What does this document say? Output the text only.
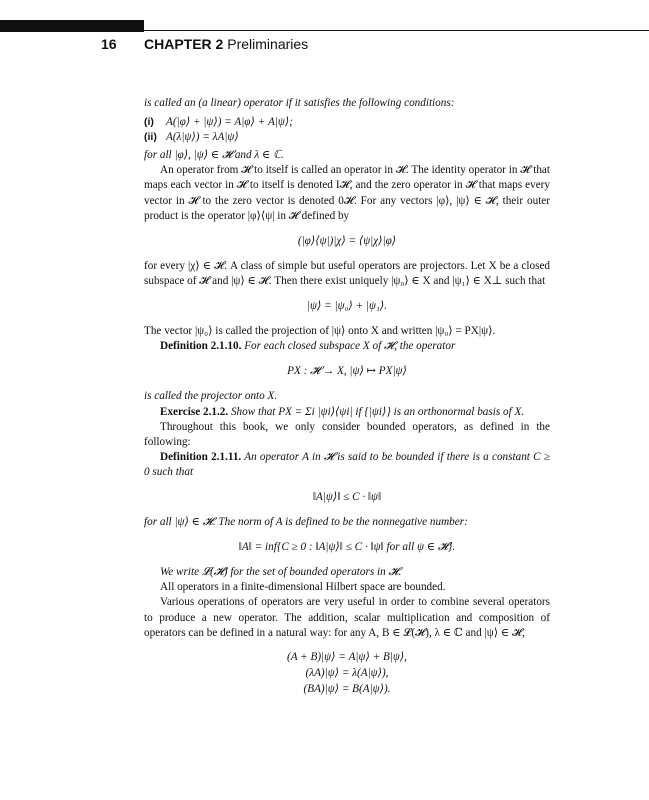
16 CHAPTER 2 Preliminaries

is called an (a linear) operator if it satisfies the following conditions:

(i) A(|φ⟩ + |ψ⟩) = A|φ⟩ + A|ψ⟩;
(ii) A(λ|ψ⟩) = λA|ψ⟩

for all |φ⟩, |ψ⟩ ∈ 𝓗 and λ ∈ ℂ.

An operator from 𝓗 to itself is called an operator in 𝓗. The identity operator in 𝓗 that maps each vector in 𝓗 to itself is denoted I𝓗, and the zero operator in 𝓗 that maps every vector in 𝓗 to the zero vector is denoted 0𝓗. For any vectors |φ⟩, |ψ⟩ ∈ 𝓗, their outer product is the operator |φ⟩⟨ψ| in 𝓗 defined by

(|φ⟩⟨ψ|)|χ⟩ = ⟨ψ|χ⟩|φ⟩

for every |χ⟩ ∈ 𝓗. A class of simple but useful operators are projectors. Let X be a closed subspace of 𝓗 and |ψ⟩ ∈ 𝓗. Then there exist uniquely |ψ₀⟩ ∈ X and |ψ₁⟩ ∈ X⊥ such that

|ψ⟩ = |ψ₀⟩ + |ψ₁⟩.

The vector |ψ₀⟩ is called the projection of |ψ⟩ onto X and written |ψ₀⟩ = PX|ψ⟩.

Definition 2.1.10. For each closed subspace X of 𝓗, the operator

PX : 𝓗 → X, |ψ⟩ ↦ PX|ψ⟩

is called the projector onto X.

Exercise 2.1.2. Show that PX = Σi |ψi⟩⟨ψi| if {|ψi⟩} is an orthonormal basis of X.

Throughout this book, we only consider bounded operators, as defined in the following:

Definition 2.1.11. An operator A in 𝓗 is said to be bounded if there is a constant C ≥ 0 such that

‖A|ψ⟩‖ ≤ C · ‖ψ‖

for all |ψ⟩ ∈ 𝓗. The norm of A is defined to be the nonnegative number:

‖A‖ = inf{C ≥ 0 : ‖A|ψ⟩‖ ≤ C · ‖ψ‖ for all ψ ∈ 𝓗}.

We write 𝓛(𝓗) for the set of bounded operators in 𝓗.

All operators in a finite-dimensional Hilbert space are bounded.

Various operations of operators are very useful in order to combine several operators to produce a new operator. The addition, scalar multiplication and composition of operators can be defined in a natural way: for any A, B ∈ 𝓛(𝓗), λ ∈ ℂ and |ψ⟩ ∈ 𝓗,

(A + B)|ψ⟩ = A|ψ⟩ + B|ψ⟩,
(λA)|ψ⟩ = λ(A|ψ⟩),
(BA)|ψ⟩ = B(A|ψ⟩).
